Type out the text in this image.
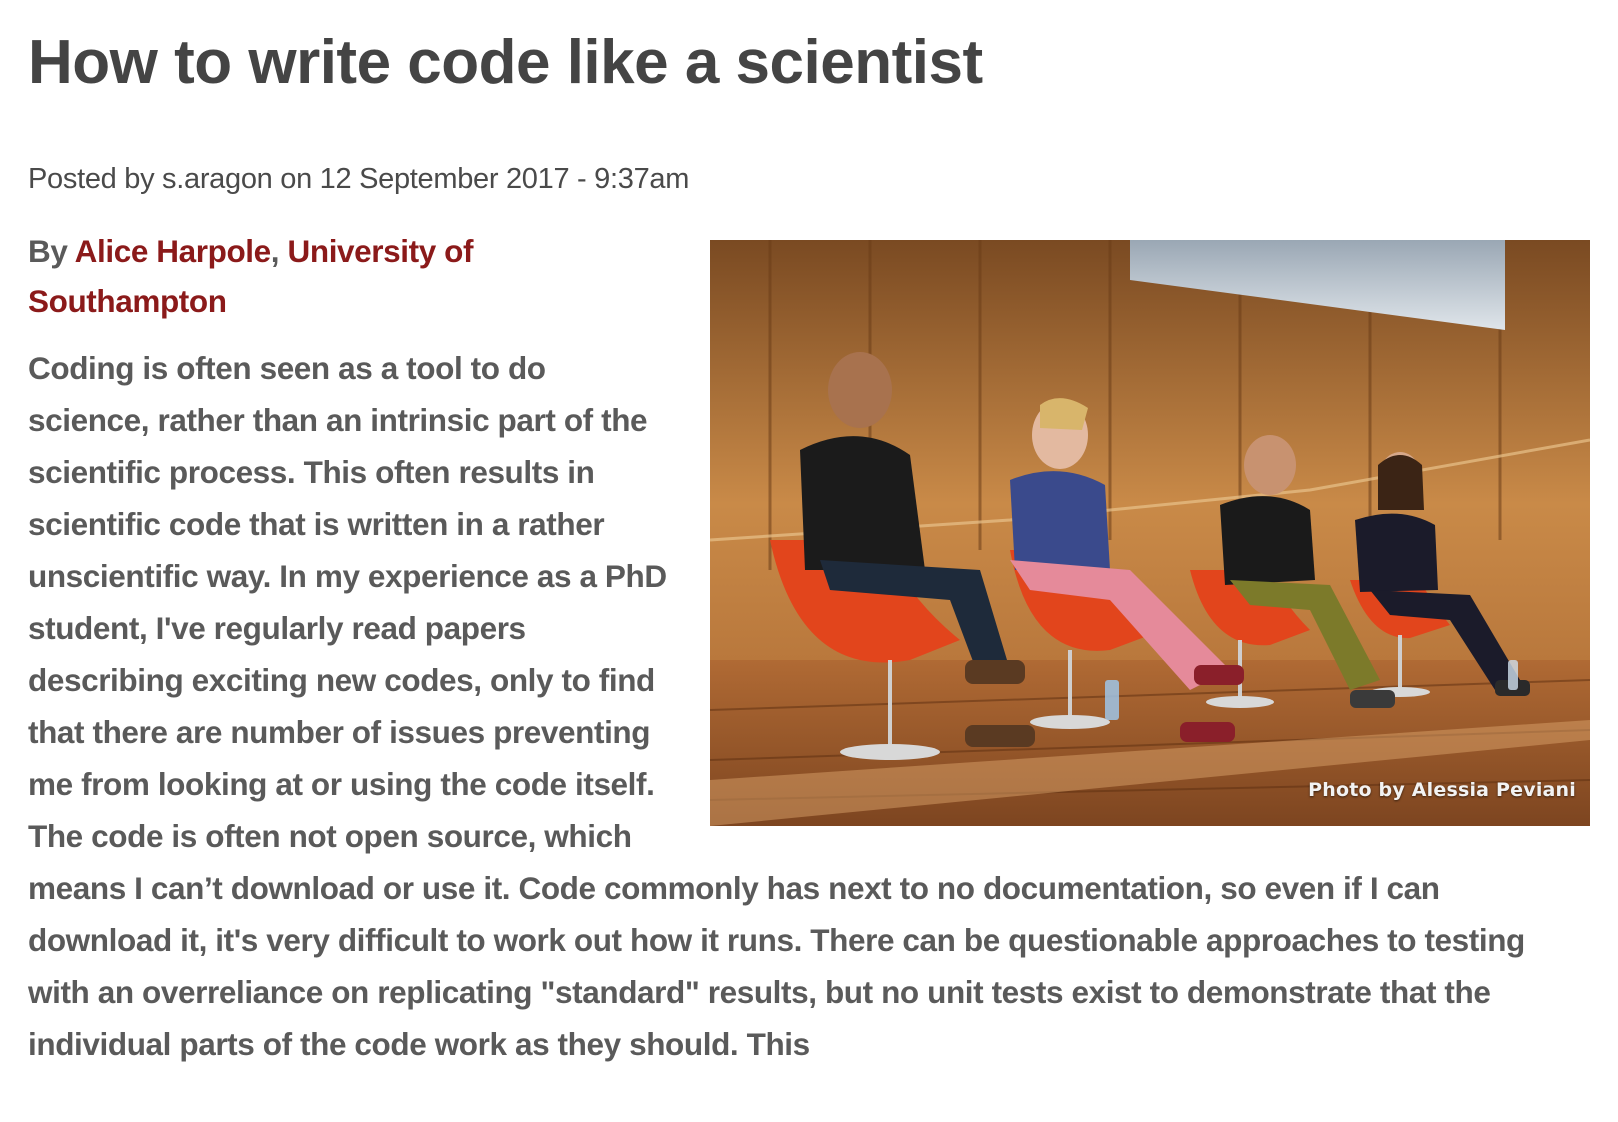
How to write code like a scientist

Posted by s.aragon on 12 September 2017 - 9:37am

Photo by Alessia Peviani

By Alice Harpole, University of Southampton

Coding is often seen as a tool to do science, rather than an intrinsic part of the scientific process. This often results in scientific code that is written in a rather unscientific way. In my experience as a PhD student, I've regularly read papers describing exciting new codes, only to find that there are number of issues preventing me from looking at or using the code itself. The code is often not open source, which means I can’t download or use it. Code commonly has next to no documentation, so even if I can download it, it's very difficult to work out how it runs. There can be questionable approaches to testing with an overreliance on replicating "standard" results, but no unit tests exist to demonstrate that the individual parts of the code work as they should. This
